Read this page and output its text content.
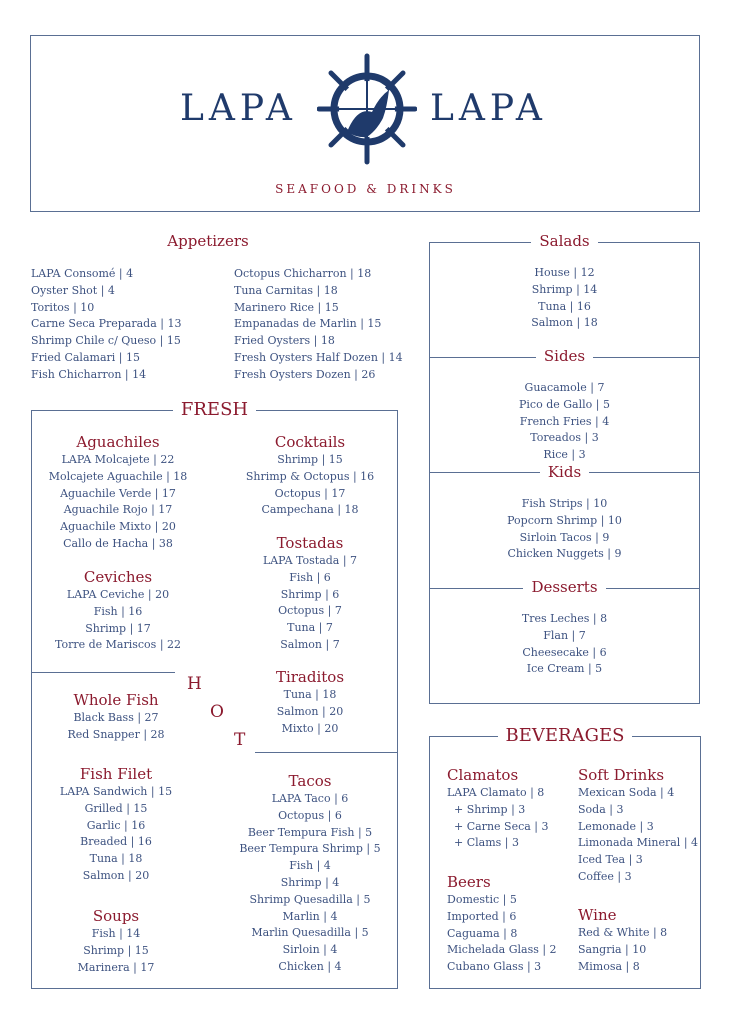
LAPA	LAPA
SEAFOOD & DRINKS
Appetizers
LAPA Consomé | 4
Oyster Shot | 4
Toritos | 10
Carne Seca Preparada | 13
Shrimp Chile c/ Queso | 15
Fried Calamari | 15
Fish Chicharron | 14
Octopus Chicharron | 18
Tuna Carnitas | 18
Marinero Rice | 15
Empanadas de Marlin | 15
Fried Oysters | 18
Fresh Oysters Half Dozen | 14
Fresh Oysters Dozen | 26
FRESH
H
O
T
Aguachiles
LAPA Molcajete | 22
Molcajete Aguachile | 18
Aguachile Verde | 17
Aguachile Rojo | 17
Aguachile Mixto | 20
Callo de Hacha | 38
Ceviches
LAPA Ceviche | 20
Fish | 16
Shrimp | 17
Torre de Mariscos | 22
Cocktails
Shrimp | 15
Shrimp & Octopus | 16
Octopus | 17
Campechana | 18
Tostadas
LAPA Tostada | 7
Fish | 6
Shrimp | 6
Octopus | 7
Tuna | 7
Salmon | 7
Tiraditos
Tuna | 18
Salmon | 20
Mixto | 20
Whole Fish
Black Bass | 27
Red Snapper | 28
Fish Filet
LAPA Sandwich | 15
Grilled | 15
Garlic | 16
Breaded | 16
Tuna | 18
Salmon | 20
Soups
Fish | 14
Shrimp | 15
Marinera | 17
Tacos
LAPA Taco | 6
Octopus | 6
Beer Tempura Fish | 5
Beer Tempura Shrimp | 5
Fish | 4
Shrimp | 4
Shrimp Quesadilla | 5
Marlin | 4
Marlin Quesadilla | 5
Sirloin | 4
Chicken | 4
Salads
House | 12
Shrimp | 14
Tuna | 16
Salmon | 18
Sides
Guacamole | 7
Pico de Gallo | 5
French Fries | 4
Toreados | 3
Rice | 3
Kids
Fish Strips | 10
Popcorn Shrimp | 10
Sirloin Tacos | 9
Chicken Nuggets | 9
Desserts
Tres Leches | 8
Flan | 7
Cheesecake | 6
Ice Cream | 5
BEVERAGES
Clamatos
LAPA Clamato | 8
+ Shrimp | 3
+ Carne Seca | 3
+ Clams | 3
Beers
Domestic | 5
Imported | 6
Caguama | 8
Michelada Glass | 2
Cubano Glass | 3
Soft Drinks
Mexican Soda | 4
Soda | 3
Lemonade | 3
Limonada Mineral | 4
Iced Tea | 3
Coffee | 3
Wine
Red & White | 8
Sangria | 10
Mimosa | 8
